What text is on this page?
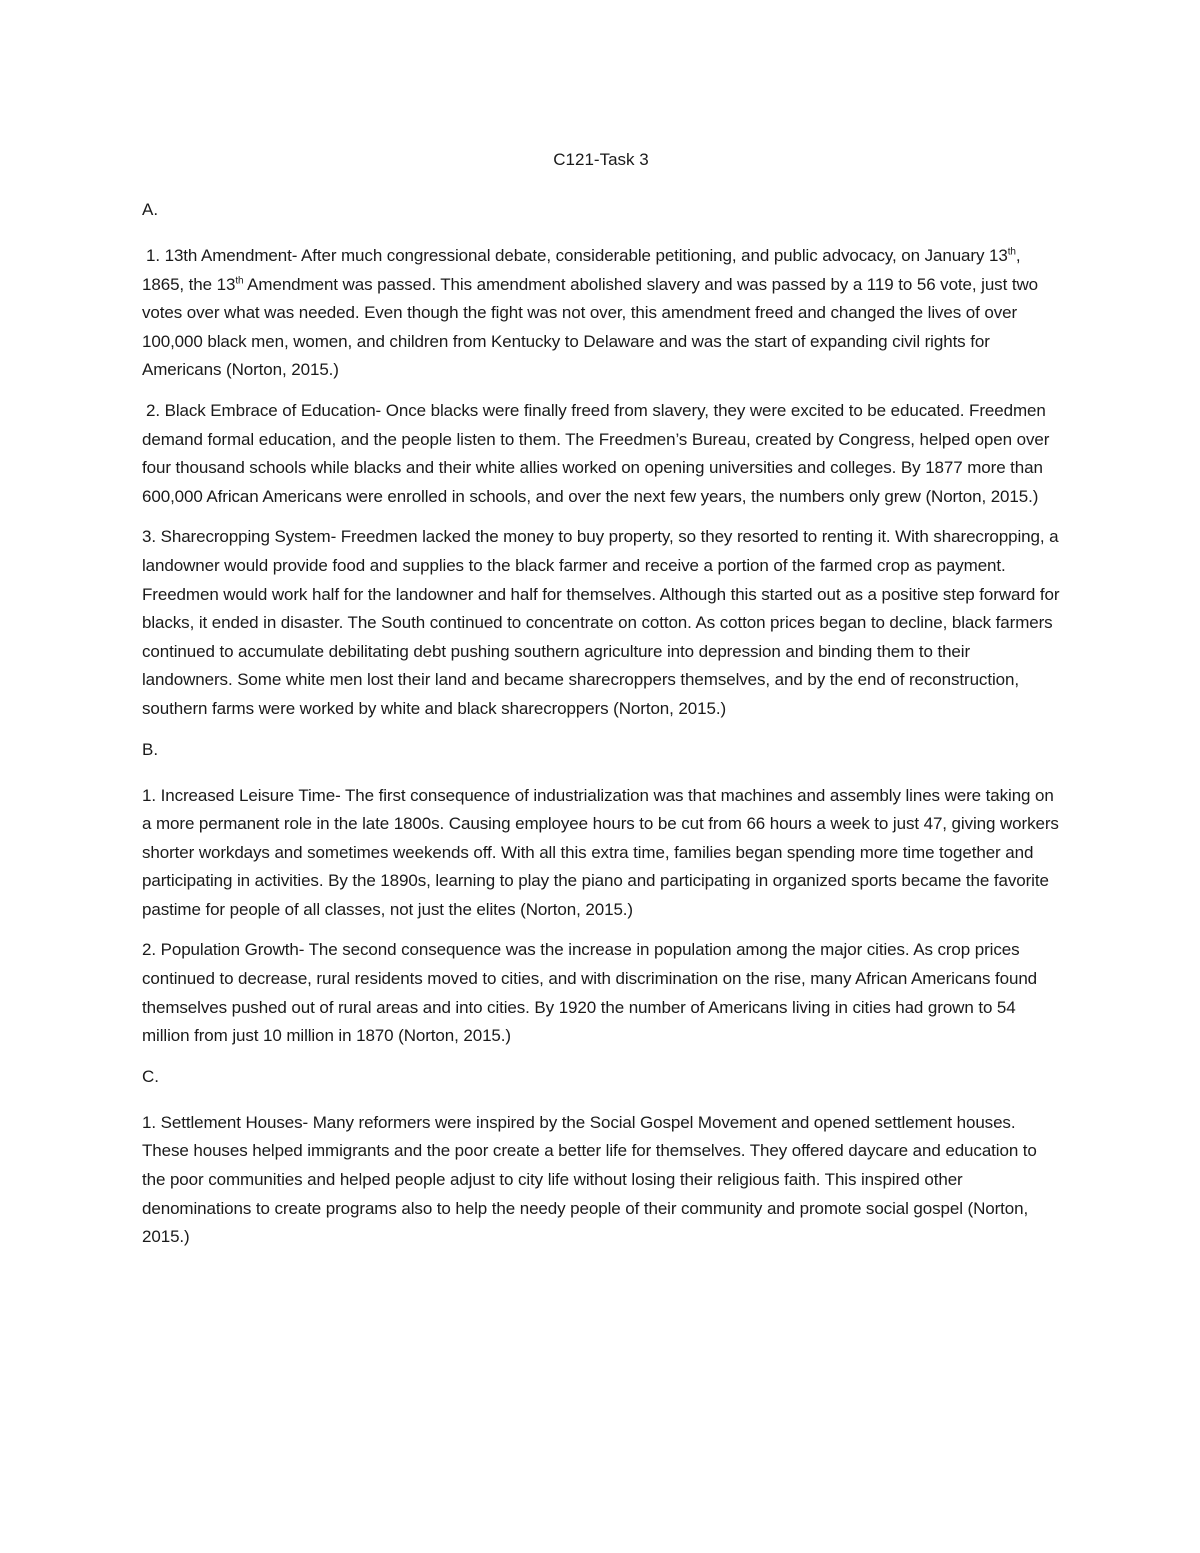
C121-Task 3
A.

1. 13th Amendment- After much congressional debate, considerable petitioning, and public advocacy, on January 13th, 1865, the 13th Amendment was passed. This amendment abolished slavery and was passed by a 119 to 56 vote, just two votes over what was needed. Even though the fight was not over, this amendment freed and changed the lives of over 100,000 black men, women, and children from Kentucky to Delaware and was the start of expanding civil rights for Americans (Norton, 2015.)

2. Black Embrace of Education- Once blacks were finally freed from slavery, they were excited to be educated. Freedmen demand formal education, and the people listen to them. The Freedmen’s Bureau, created by Congress, helped open over four thousand schools while blacks and their white allies worked on opening universities and colleges. By 1877 more than 600,000 African Americans were enrolled in schools, and over the next few years, the numbers only grew (Norton, 2015.)

3. Sharecropping System- Freedmen lacked the money to buy property, so they resorted to renting it. With sharecropping, a landowner would provide food and supplies to the black farmer and receive a portion of the farmed crop as payment. Freedmen would work half for the landowner and half for themselves. Although this started out as a positive step forward for blacks, it ended in disaster. The South continued to concentrate on cotton. As cotton prices began to decline, black farmers continued to accumulate debilitating debt pushing southern agriculture into depression and binding them to their landowners. Some white men lost their land and became sharecroppers themselves, and by the end of reconstruction, southern farms were worked by white and black sharecroppers (Norton, 2015.)

B.

1. Increased Leisure Time- The first consequence of industrialization was that machines and assembly lines were taking on a more permanent role in the late 1800s. Causing employee hours to be cut from 66 hours a week to just 47, giving workers shorter workdays and sometimes weekends off. With all this extra time, families began spending more time together and participating in activities. By the 1890s, learning to play the piano and participating in organized sports became the favorite pastime for people of all classes, not just the elites (Norton, 2015.)

2. Population Growth- The second consequence was the increase in population among the major cities. As crop prices continued to decrease, rural residents moved to cities, and with discrimination on the rise, many African Americans found themselves pushed out of rural areas and into cities. By 1920 the number of Americans living in cities had grown to 54 million from just 10 million in 1870 (Norton, 2015.)

C.

1. Settlement Houses- Many reformers were inspired by the Social Gospel Movement and opened settlement houses. These houses helped immigrants and the poor create a better life for themselves. They offered daycare and education to the poor communities and helped people adjust to city life without losing their religious faith. This inspired other denominations to create programs also to help the needy people of their community and promote social gospel (Norton, 2015.)
